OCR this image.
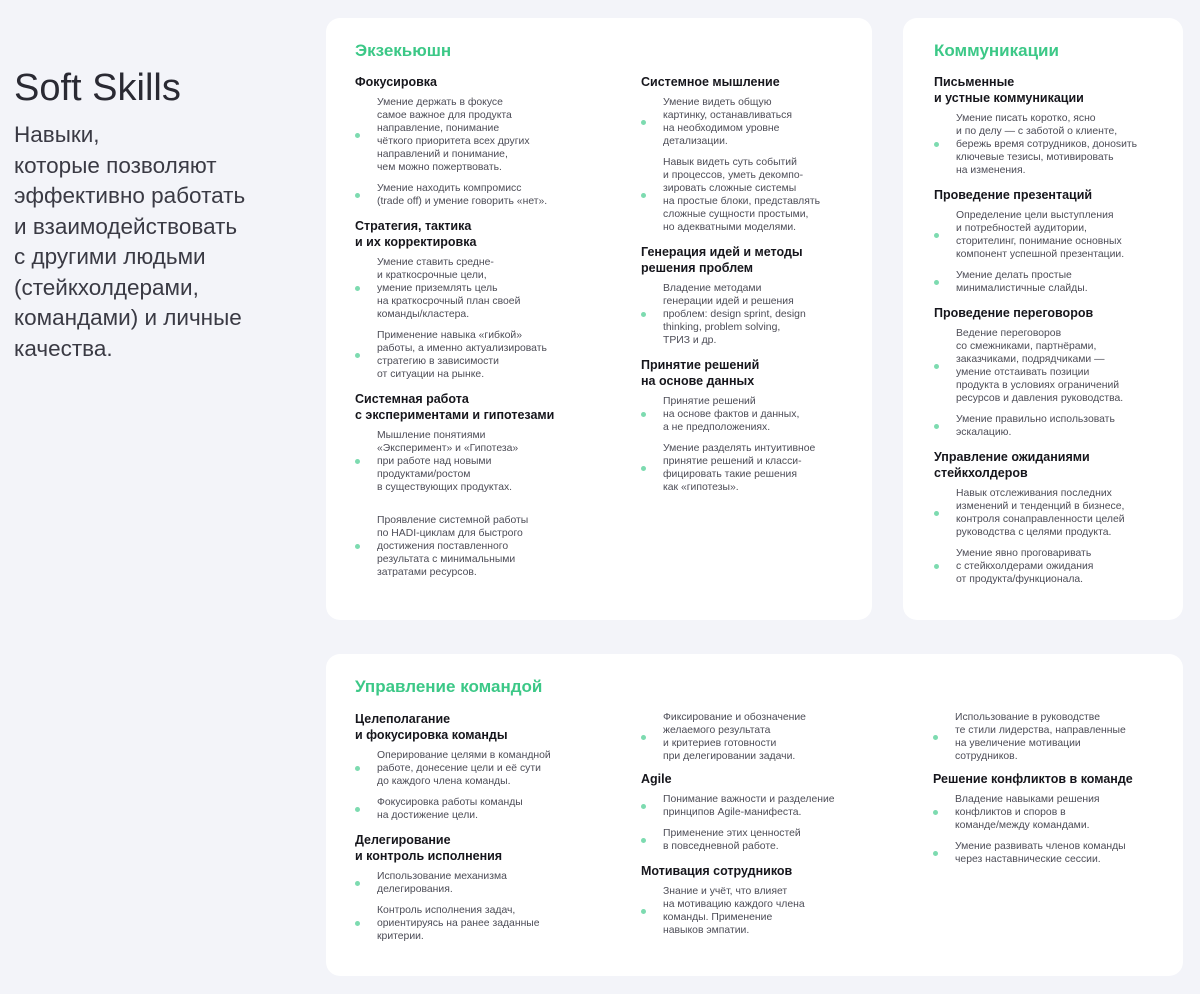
Soft Skills

Навыки,
которые позволяют
эффективно работать
и взаимодействовать
с другими людьми
(стейкхолдерами,
командами) и личные
качества.

Экзекьюшн
Фокусировка
Умение держать в фокусе
самое важное для продукта
направление, понимание
чёткого приоритета всех других
направлений и понимание,
чем можно пожертвовать.
Умение находить компромисс
(trade off) и умение говорить «нет».
Стратегия, тактика
и их корректировка
Умение ставить средне-
и краткосрочные цели,
умение приземлять цель
на краткосрочный план своей
команды/кластера.
Применение навыка «гибкой»
работы, а именно актуализировать
стратегию в зависимости
от ситуации на рынке.
Системная работа
с экспериментами и гипотезами
Мышление понятиями
«Эксперимент» и «Гипотеза»
при работе над новыми
продуктами/ростом
в существующих продуктах.
Проявление системной работы
по HADI-циклам для быстрого
достижения поставленного
результата с минимальными
затратами ресурсов.
Системное мышление
Умение видеть общую
картинку, останавливаться
на необходимом уровне
детализации.
Навык видеть суть событий
и процессов, уметь декомпо-
зировать сложные системы
на простые блоки, представлять
сложные сущности простыми,
но адекватными моделями.
Генерация идей и методы
решения проблем
Владение методами
генерации идей и решения
проблем: design sprint, design
thinking, problem solving,
ТРИЗ и др.
Принятие решений
на основе данных
Принятие решений
на основе фактов и данных,
а не предположениях.
Умение разделять интуитивное
принятие решений и класси-
фицировать такие решения
как «гипотезы».
Коммуникации
Письменные
и устные коммуникации
Умение писать коротко, ясно
и по делу — с заботой о клиенте,
бережь время сотрудников, донosить
ключевые тезисы, мотивировать
на изменения.
Проведение презентаций
Определение цели выступления
и потребностей аудитории,
сторителинг, понимание основных
компонент успешной презентации.
Умение делать простые
минималистичные слайды.
Проведение переговоров
Ведение переговоров
со смежниками, партнёрами,
заказчиками, подрядчиками —
умение отстаивать позиции
продукта в условиях ограничений
ресурсов и давления руководства.
Умение правильно использовать
эскалацию.
Управление ожиданиями
стейкхолдеров
Навык отслеживания последних
изменений и тенденций в бизнесе,
контроля сонаправленности целей
руководства с целями продукта.
Умение явно проговаривать
с стейкхолдерами ожидания
от продукта/функционала.
Управление командой
Целеполагание
и фокусировка команды
Оперирование целями в командной
работе, донесение цели и её сути
до каждого члена команды.
Фокусировка работы команды
на достижение цели.
Делегирование
и контроль исполнения
Использование механизма
делегирования.
Контроль исполнения задач,
ориентируясь на ранее заданные
критерии.
Фиксирование и обозначение
желаемого результата
и критериев готовности
при делегировании задачи.
Agile
Понимание важности и разделение
принципов Agile-манифеста.
Применение этих ценностей
в повседневной работе.
Мотивация сотрудников
Знание и учёт, что влияет
на мотивацию каждого члена
команды. Применение
навыков эмпатии.
Использование в руководстве
те стили лидерства, направленные
на увеличение мотивации
сотрудников.
Решение конфликтов в команде
Владение навыками решения
конфликтов и споров в
команде/между командами.
Умение развивать членов команды
через наставнические сессии.
